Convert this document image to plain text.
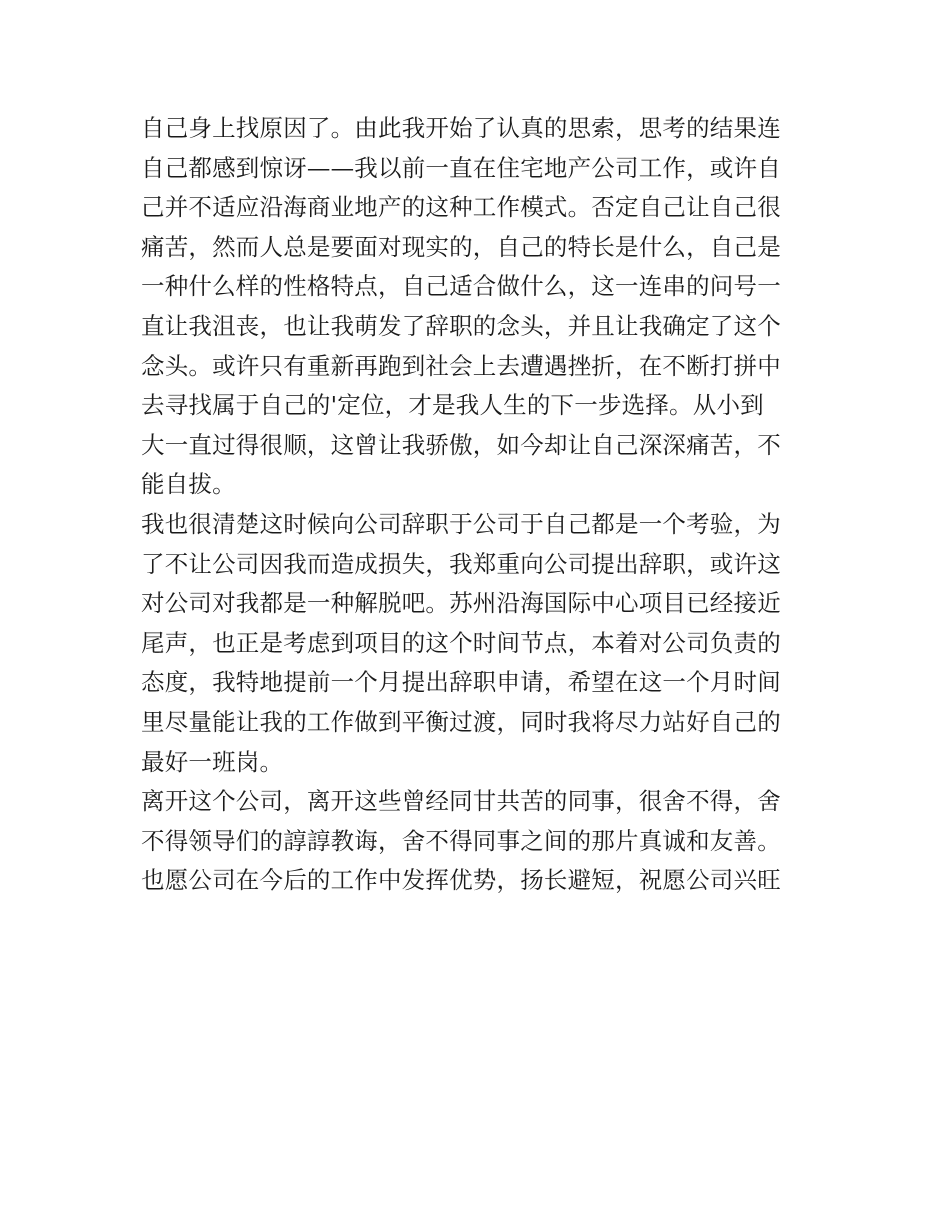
自己身上找原因了。由此我开始了认真的思索，思考的结果连
自己都感到惊讶——我以前一直在住宅地产公司工作，或许自
己并不适应沿海商业地产的这种工作模式。否定自己让自己很
痛苦，然而人总是要面对现实的，自己的特长是什么，自己是
一种什么样的性格特点，自己适合做什么，这一连串的问号一
直让我沮丧，也让我萌发了辞职的念头，并且让我确定了这个
念头。或许只有重新再跑到社会上去遭遇挫折，在不断打拼中
去寻找属于自己的'定位，才是我人生的下一步选择。从小到
大一直过得很顺，这曾让我骄傲，如今却让自己深深痛苦，不
能自拔。
我也很清楚这时候向公司辞职于公司于自己都是一个考验，为
了不让公司因我而造成损失，我郑重向公司提出辞职，或许这
对公司对我都是一种解脱吧。苏州沿海国际中心项目已经接近
尾声，也正是考虑到项目的这个时间节点，本着对公司负责的
态度，我特地提前一个月提出辞职申请，希望在这一个月时间
里尽量能让我的工作做到平衡过渡，同时我将尽力站好自己的
最好一班岗。
离开这个公司，离开这些曾经同甘共苦的同事，很舍不得，舍
不得领导们的諄諄教诲，舍不得同事之间的那片真诚和友善。
也愿公司在今后的工作中发挥优势，扬长避短，祝愿公司兴旺
